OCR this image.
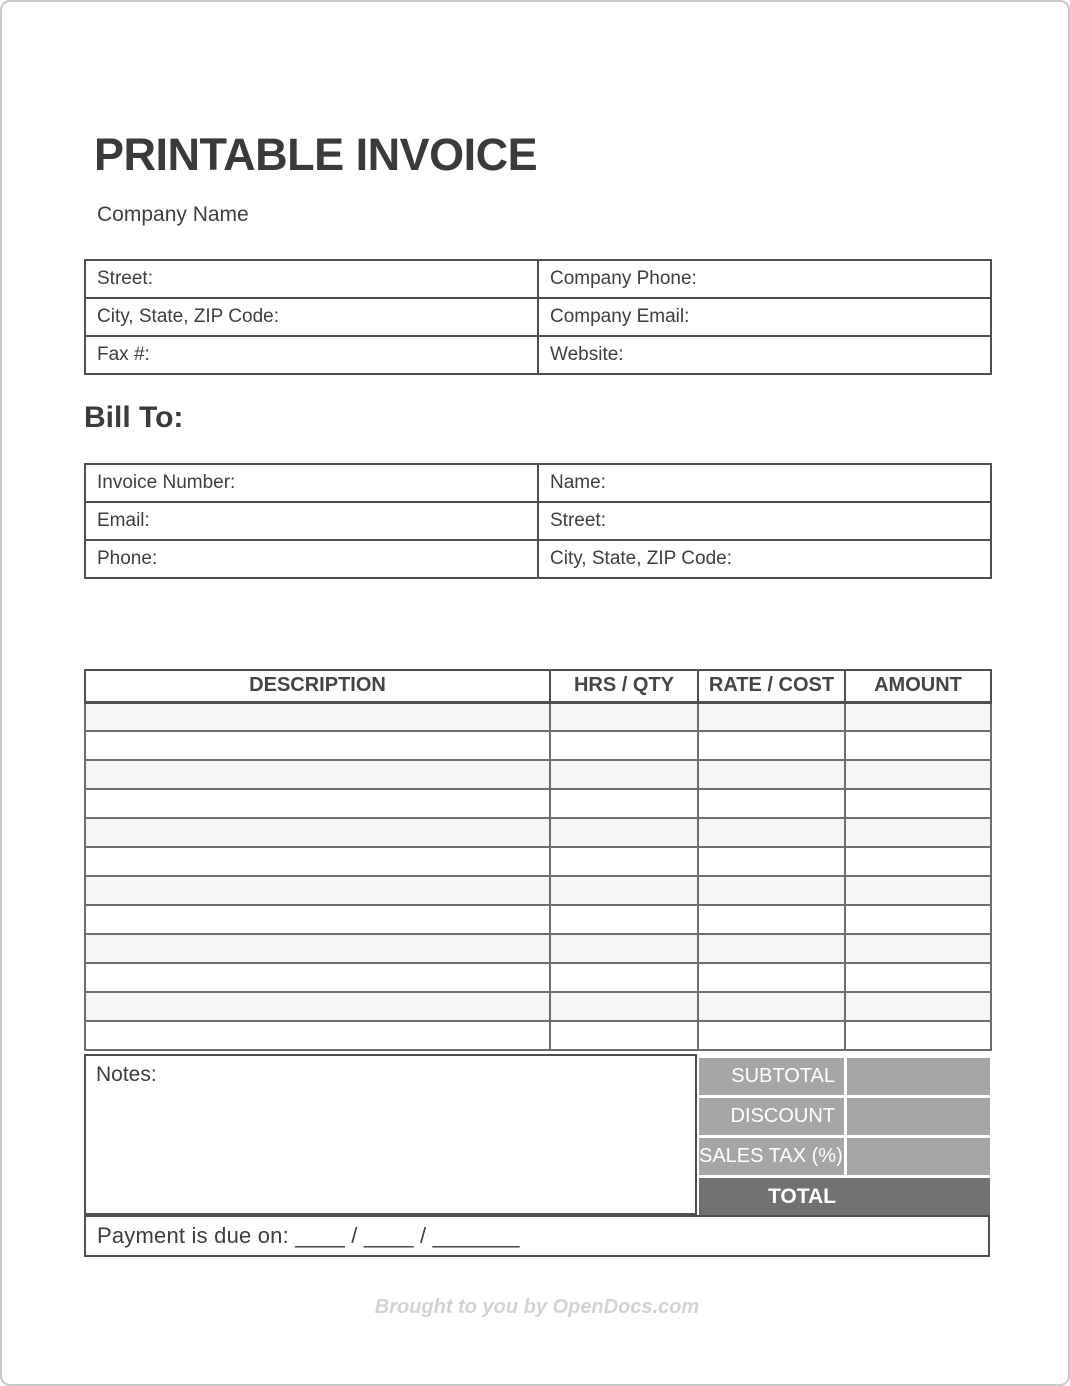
PRINTABLE INVOICE
Company Name
Street:	Company Phone:
City, State, ZIP Code:	Company Email:
Fax #:	Website:
Bill To:
Invoice Number:	Name:
Email:	Street:
Phone:	City, State, ZIP Code:
DESCRIPTION	HRS / QTY	RATE / COST	AMOUNT

Notes:	SUBTOTAL
DISCOUNT
SALES TAX (%)
TOTAL
Payment is due on: ____ / ____ / _______
Brought to you by OpenDocs.com
